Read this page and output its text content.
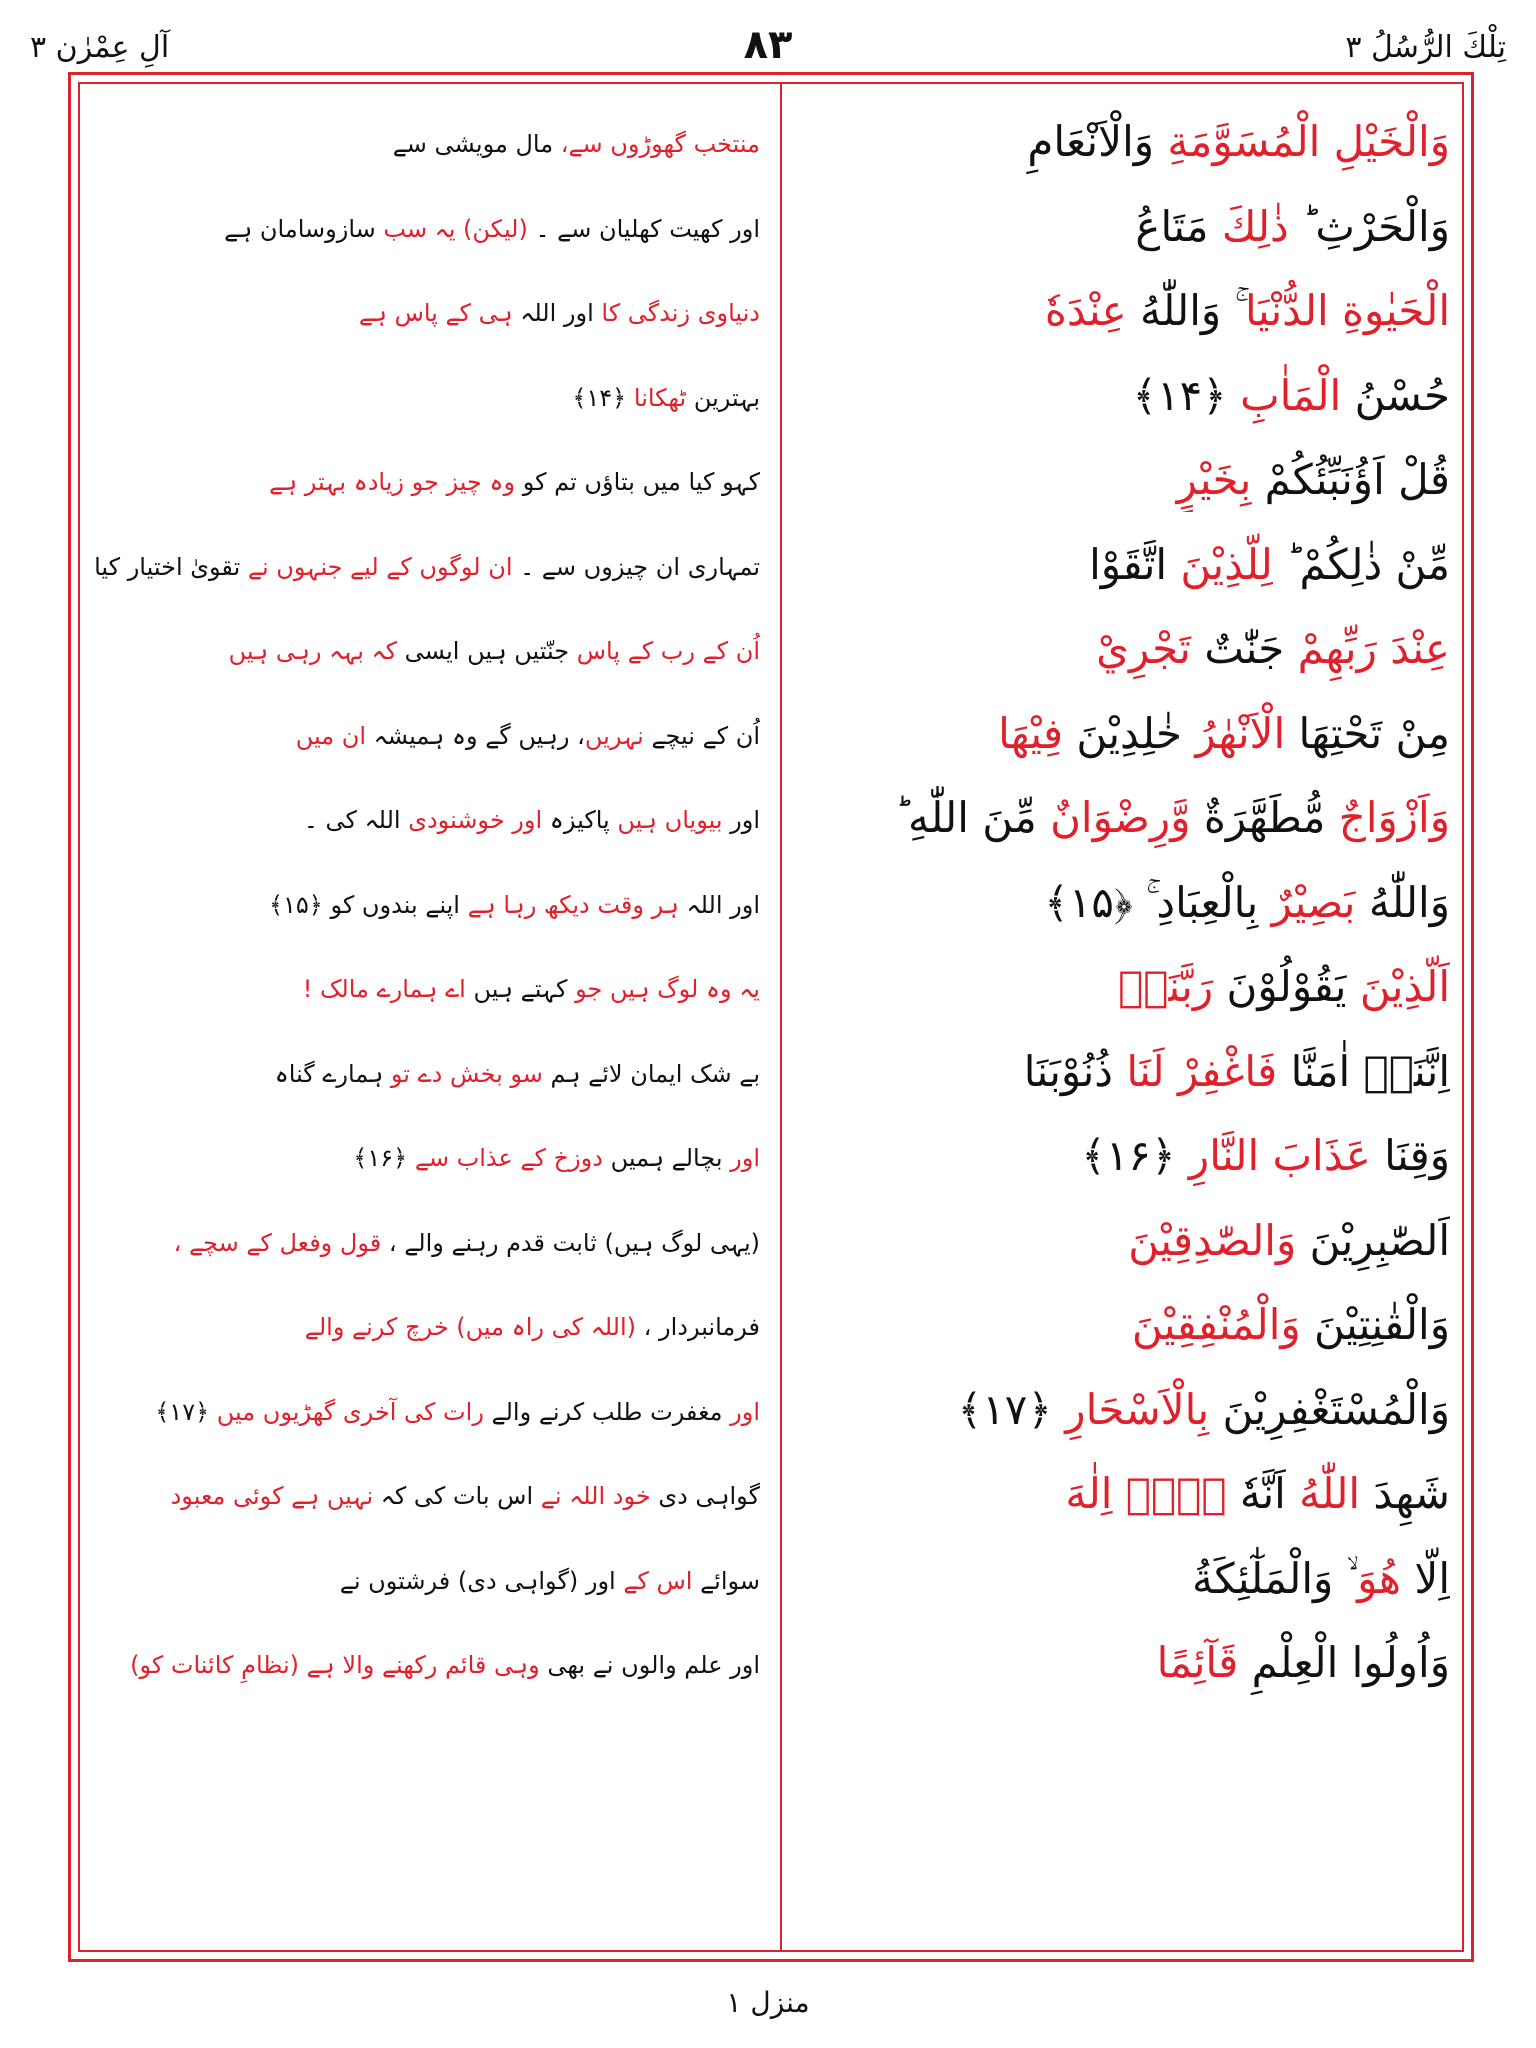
آلِ عِمْرٰن ۳	۸۳	تِلْكَ الرُّسُلُ ۳
وَالْخَيْلِ الْمُسَوَّمَةِ وَالْاَنْعَامِ
منتخب گھوڑوں سے، مال مویشی سے
وَالْحَرْثِ ؕ ذٰلِكَ مَتَاعُ
اور کھیت کھلیان سے ۔ (لیکن) یہ سب سازوسامان ہے
الْحَيٰوةِ الدُّنْيَا ۚ وَاللّٰهُ عِنْدَهٗ
دنیاوی زندگی کا اور اللہ ہی کے پاس ہے
حُسْنُ الْمَاٰبِ ﴿۱۴﴾
بہترین ٹھکانا ﴿۱۴﴾
قُلْ اَؤُنَبِّئُكُمْ بِخَيْرٍ
کہو کیا میں بتاؤں تم کو وہ چیز جو زیادہ بہتر ہے
مِّنْ ذٰلِكُمْ ؕ لِلَّذِيْنَ اتَّقَوْا
تمہاری ان چیزوں سے ۔ ان لوگوں کے لیے جنہوں نے تقویٰ اختیار کیا
عِنْدَ رَبِّهِمْ جَنّٰتٌ تَجْرِيْ
اُن کے رب کے پاس جنّتیں ہیں ایسی کہ بہہ رہی ہیں
مِنْ تَحْتِهَا الْاَنْهٰرُ خٰلِدِيْنَ فِيْهَا
اُن کے نیچے نہریں، رہیں گے وہ ہمیشہ ان میں
وَاَزْوَاجٌ مُّطَهَّرَةٌ وَّرِضْوَانٌ مِّنَ اللّٰهِ ؕ
اور بیویاں ہیں پاکیزہ اور خوشنودی اللہ کی ۔
وَاللّٰهُ بَصِيْرٌ بِالْعِبَادِ ۚ ﴿۱۵﴾
اور اللہ ہر وقت دیکھ رہا ہے اپنے بندوں کو ﴿۱۵﴾
اَلَّذِيْنَ يَقُوْلُوْنَ رَبَّنَاۤ
یہ وہ لوگ ہیں جو کہتے ہیں اے ہمارے مالک !
اِنَّنَاۤ اٰمَنَّا فَاغْفِرْ لَنَا ذُنُوْبَنَا
بے شک ایمان لائے ہم سو بخش دے تو ہمارے گناہ
وَقِنَا عَذَابَ النَّارِ ﴿۱۶﴾
اور بچالے ہمیں دوزخ کے عذاب سے ﴿۱۶﴾
اَلصّٰبِرِيْنَ وَالصّٰدِقِيْنَ
(یہی لوگ ہیں) ثابت قدم رہنے والے ، قول وفعل کے سچے ،
وَالْقٰنِتِيْنَ وَالْمُنْفِقِيْنَ
فرمانبردار ، (اللہ کی راہ میں) خرچ کرنے والے
وَالْمُسْتَغْفِرِيْنَ بِالْاَسْحَارِ ﴿۱۷﴾
اور مغفرت طلب کرنے والے رات کی آخری گھڑیوں میں ﴿۱۷﴾
شَهِدَ اللّٰهُ اَنَّهٗ لَاۤ اِلٰهَ
گواہی دی خود اللہ نے اس بات کی کہ نہیں ہے کوئی معبود
اِلَّا هُوَ ۙ وَالْمَلٰٓئِكَةُ
سوائے اس کے اور (گواہی دی) فرشتوں نے
وَاُولُوا الْعِلْمِ قَآئِمًا
اور علم والوں نے بھی وہی قائم رکھنے والا ہے (نظامِ کائنات کو)
منزل ۱
